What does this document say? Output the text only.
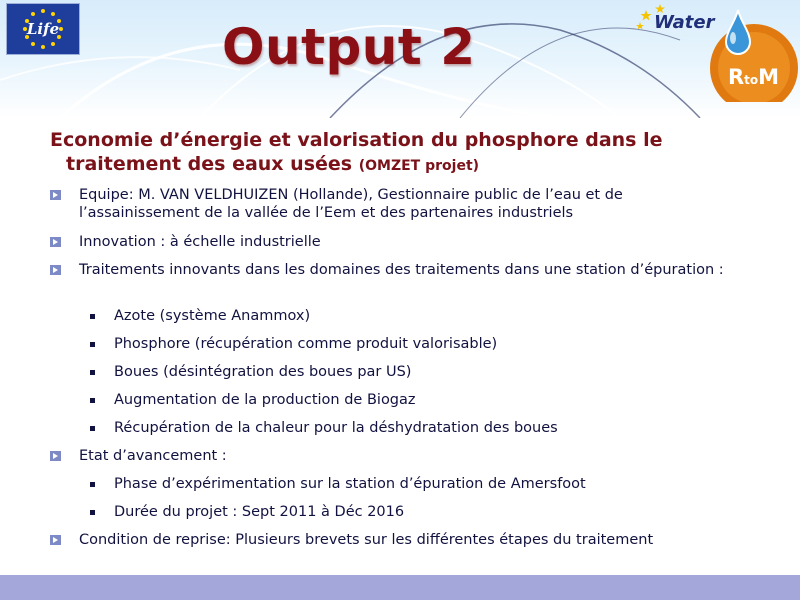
Life	Output 2	Water
RtoM
Economie d’énergie et valorisation du phosphore dans le traitement des eaux usées (OMZET projet)
Equipe: M. VAN VELDHUIZEN (Hollande), Gestionnaire public de l’eau et de l’assainissement de la vallée de l’Eem et des partenaires industriels
Innovation : à échelle industrielle
Traitements innovants dans les domaines des traitements dans une station d’épuration :
Azote (système Anammox)
Phosphore (récupération comme produit valorisable)
Boues (désintégration des boues par US)
Augmentation de la production de Biogaz
Récupération de la chaleur pour la déshydratation des boues
Etat d’avancement :
Phase d’expérimentation sur la station d’épuration de Amersfoot
Durée du projet : Sept 2011 à Déc 2016
Condition de reprise: Plusieurs brevets sur les différentes étapes du traitement
